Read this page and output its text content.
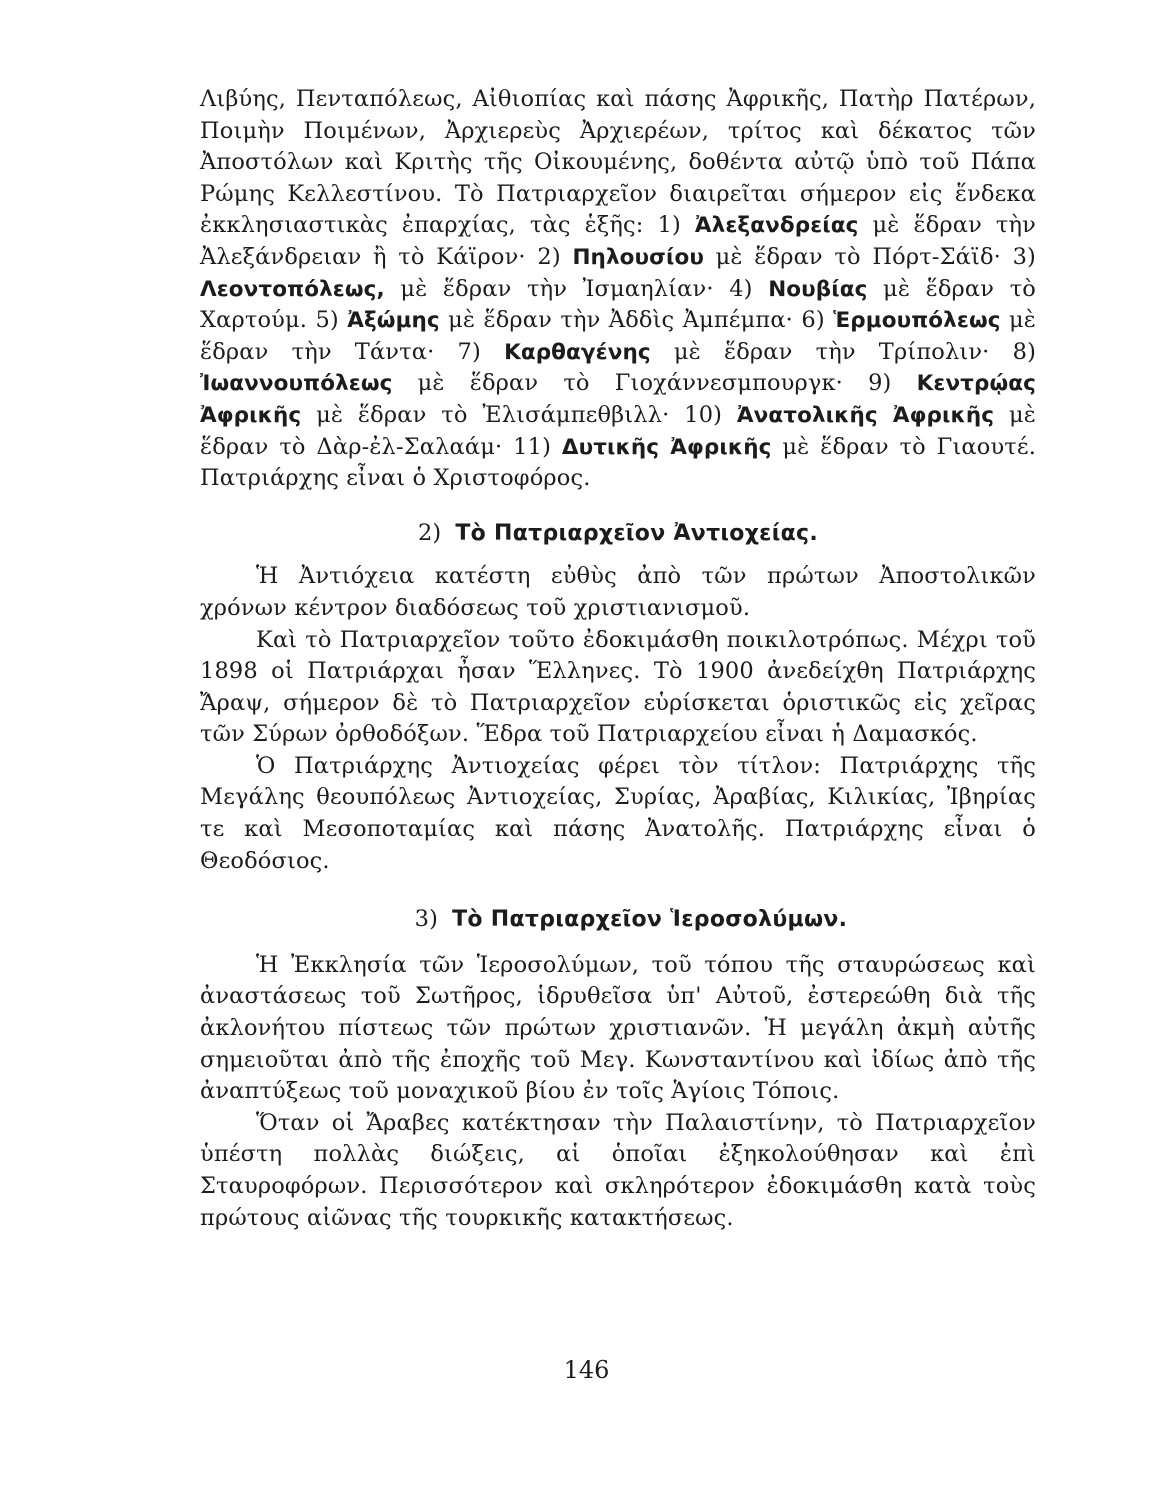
Λιβύης, Πενταπόλεως, Αἰθιοπίας καὶ πάσης Ἀφρικῆς, Πατὴρ Πατέρων, Ποιμὴν Ποιμένων, Ἀρχιερεὺς Ἀρχιερέων, τρίτος καὶ δέκατος τῶν Ἀποστόλων καὶ Κριτὴς τῆς Οἰκουμένης, δοθέντα αὐτῷ ὑπὸ τοῦ Πάπα Ρώμης Κελλεστίνου. Τὸ Πατριαρχεῖον διαιρεῖται σήμερον εἰς ἕνδεκα ἐκκλησιαστικὰς ἐπαρχίας, τὰς ἑξῆς: 1) Ἀλεξανδρείας μὲ ἕδραν τὴν Ἀλεξάνδρειαν ἢ τὸ Κάϊρον· 2) Πηλουσίου μὲ ἕδραν τὸ Πόρτ-Σάϊδ· 3) Λεοντοπόλεως, μὲ ἕδραν τὴν Ἰσμαηλίαν· 4) Νουβίας μὲ ἕδραν τὸ Χαρτούμ. 5) Ἀξώμης μὲ ἕδραν τὴν Ἀδδὶς Ἀμπέμπα· 6) Ἑρμουπόλεως μὲ ἕδραν τὴν Τάντα· 7) Καρθαγένης μὲ ἕδραν τὴν Τρίπολιν· 8) Ἰωαννουπόλεως μὲ ἕδραν τὸ Γιοχάννεσμπουργκ· 9) Κεντρῴας Ἀφρικῆς μὲ ἕδραν τὸ Ἐλισάμπεθβιλλ· 10) Ἀνατολικῆς Ἀφρικῆς μὲ ἕδραν τὸ Δὰρ-ἐλ-Σαλαάμ· 11) Δυτικῆς Ἀφρικῆς μὲ ἕδραν τὸ Γιαουτέ. Πατριάρχης εἶναι ὁ Χριστοφόρος.

2) Τὸ Πατριαρχεῖον Ἀντιοχείας.

Ἡ Ἀντιόχεια κατέστη εὐθὺς ἀπὸ τῶν πρώτων Ἀποστολικῶν χρόνων κέντρον διαδόσεως τοῦ χριστιανισμοῦ.

Καὶ τὸ Πατριαρχεῖον τοῦτο ἐδοκιμάσθη ποικιλοτρόπως. Μέχρι τοῦ 1898 οἱ Πατριάρχαι ἦσαν Ἕλληνες. Τὸ 1900 ἀνεδείχθη Πατριάρχης Ἄραψ, σήμερον δὲ τὸ Πατριαρχεῖον εὑρίσκεται ὁριστικῶς εἰς χεῖρας τῶν Σύρων ὀρθοδόξων. Ἕδρα τοῦ Πατριαρχείου εἶναι ἡ Δαμασκός.

Ὁ Πατριάρχης Ἀντιοχείας φέρει τὸν τίτλον: Πατριάρχης τῆς Μεγάλης θεουπόλεως Ἀντιοχείας, Συρίας, Ἀραβίας, Κιλικίας, Ἰβηρίας τε καὶ Μεσοποταμίας καὶ πάσης Ἀνατολῆς. Πατριάρχης εἶναι ὁ Θεοδόσιος.

3) Τὸ Πατριαρχεῖον Ἱεροσολύμων.

Ἡ Ἐκκλησία τῶν Ἱεροσολύμων, τοῦ τόπου τῆς σταυρώσεως καὶ ἀναστάσεως τοῦ Σωτῆρος, ἱδρυθεῖσα ὑπ' Αὐτοῦ, ἐστερεώθη διὰ τῆς ἀκλονήτου πίστεως τῶν πρώτων χριστιανῶν. Ἡ μεγάλη ἀκμὴ αὐτῆς σημειοῦται ἀπὸ τῆς ἐποχῆς τοῦ Μεγ. Κωνσταντίνου καὶ ἰδίως ἀπὸ τῆς ἀναπτύξεως τοῦ μοναχικοῦ βίου ἐν τοῖς Ἁγίοις Τόποις.

Ὅταν οἱ Ἄραβες κατέκτησαν τὴν Παλαιστίνην, τὸ Πατριαρχεῖον ὑπέστη πολλὰς διώξεις, αἱ ὁποῖαι ἐξηκολούθησαν καὶ ἐπὶ Σταυροφόρων. Περισσότερον καὶ σκληρότερον ἐδοκιμάσθη κατὰ τοὺς πρώτους αἰῶνας τῆς τουρκικῆς κατακτήσεως.

146
